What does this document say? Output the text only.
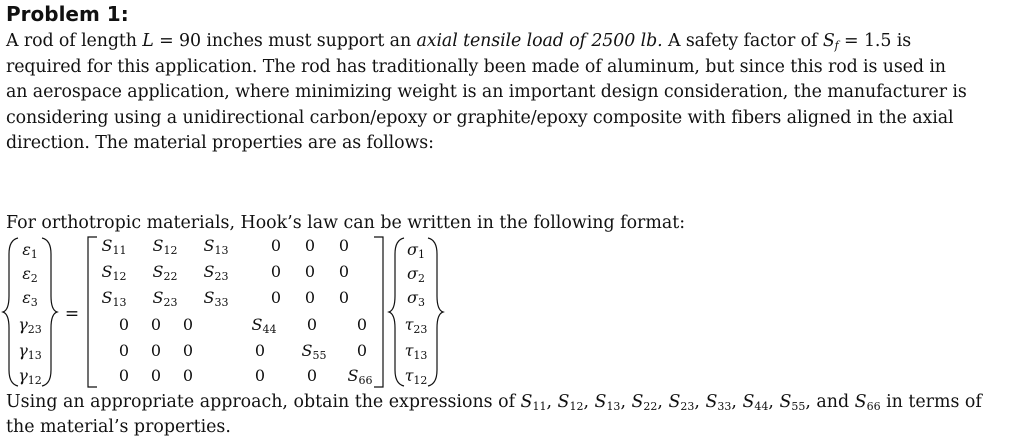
Problem 1:

A rod of length L = 90 inches must support an axial tensile load of 2500 lb. A safety factor of $S_f = 1.5$ is
required for this application. The rod has traditionally been made of aluminum, but since this rod is used in
an aerospace application, where minimizing weight is an important design consideration, the manufacturer is
considering using a unidirectional carbon/epoxy or graphite/epoxy composite with fibers aligned in the axial
direction. The material properties are as follows:

For orthotropic materials, Hook’s law can be written in the following format:

$\varepsilon_1$
$\varepsilon_2$
$\varepsilon_3$
$\gamma_{23}$
$\gamma_{13}$
$\gamma_{12}$
=
$S_{11}$ $S_{12}$ $S_{13}$	0 0 0
$S_{12}$ $S_{22}$ $S_{23}$	0 0 0
$S_{13}$ $S_{23}$ $S_{33}$	0 0 0
0 0 0	$S_{44}$ 0 0
0 0 0	0 $S_{55}$ 0
0 0 0	0	0 $S_{66}$
$\sigma_1$
$\sigma_2$
$\sigma_3$
$\tau_{23}$
$\tau_{13}$
$\tau_{12}$

Using an appropriate approach, obtain the expressions of $S_{11}$, $S_{12}$, $S_{13}$, $S_{22}$, $S_{23}$, $S_{33}$, $S_{44}$, $S_{55}$, and $S_{66}$ in terms of
the material’s properties.
